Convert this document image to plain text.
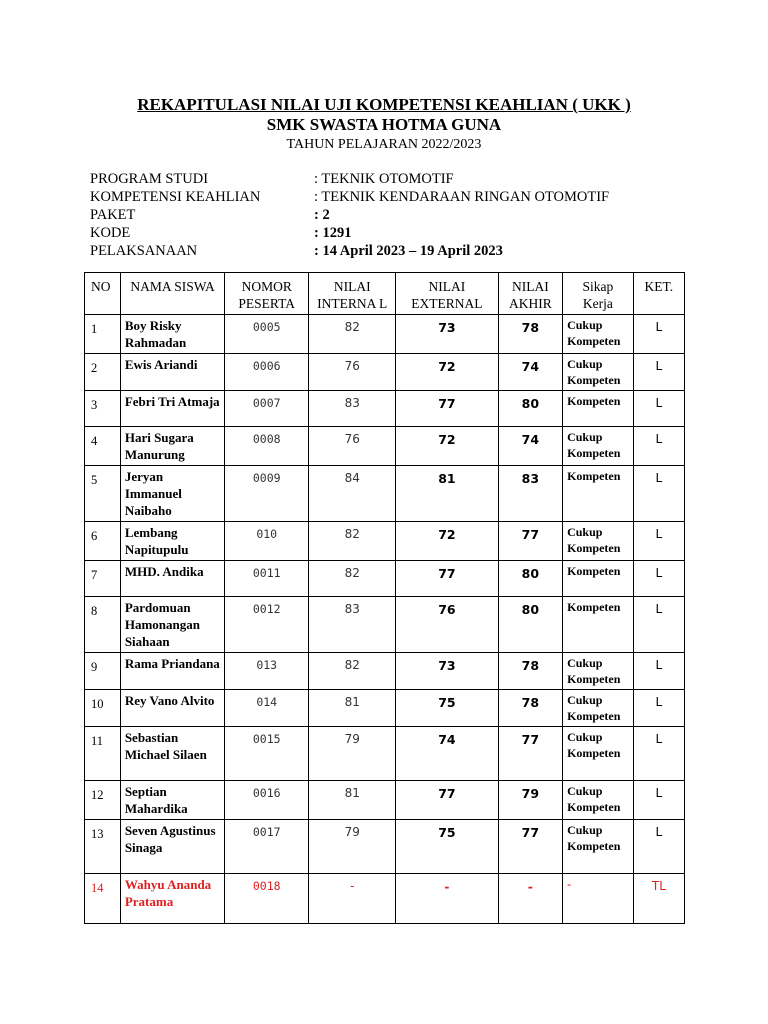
REKAPITULASI NILAI UJI KOMPETENSI KEAHLIAN ( UKK )
SMK SWASTA HOTMA GUNA
TAHUN PELAJARAN 2022/2023
PROGRAM STUDI	: TEKNIK OTOMOTIF
KOMPETENSI KEAHLIAN	: TEKNIK KENDARAAN RINGAN OTOMOTIF
PAKET	: 2
KODE	: 1291
PELAKSANAAN	: 14 April 2023 – 19 April 2023
NO	NAMA SISWA	NOMOR PESERTA	NILAI INTERNA L	NILAI EXTERNAL	NILAI AKHIR	Sikap Kerja	KET.
1	Boy Risky Rahmadan	0005	82	73	78	Cukup Kompeten	L
2	Ewis Ariandi	0006	76	72	74	Cukup Kompeten	L
3	Febri Tri Atmaja	0007	83	77	80	Kompeten	L
4	Hari Sugara Manurung	0008	76	72	74	Cukup Kompeten	L
5	Jeryan Immanuel Naibaho	0009	84	81	83	Kompeten	L
6	Lembang Napitupulu	010	82	72	77	Cukup Kompeten	L
7	MHD. Andika	0011	82	77	80	Kompeten	L
8	Pardomuan Hamonangan Siahaan	0012	83	76	80	Kompeten	L
9	Rama Priandana	013	82	73	78	Cukup Kompeten	L
10	Rey Vano Alvito	014	81	75	78	Cukup Kompeten	L
11	Sebastian Michael Silaen	0015	79	74	77	Cukup Kompeten	L
12	Septian Mahardika	0016	81	77	79	Cukup Kompeten	L
13	Seven Agustinus Sinaga	0017	79	75	77	Cukup Kompeten	L
14	Wahyu Ananda Pratama	0018	-	-	-	-	TL
